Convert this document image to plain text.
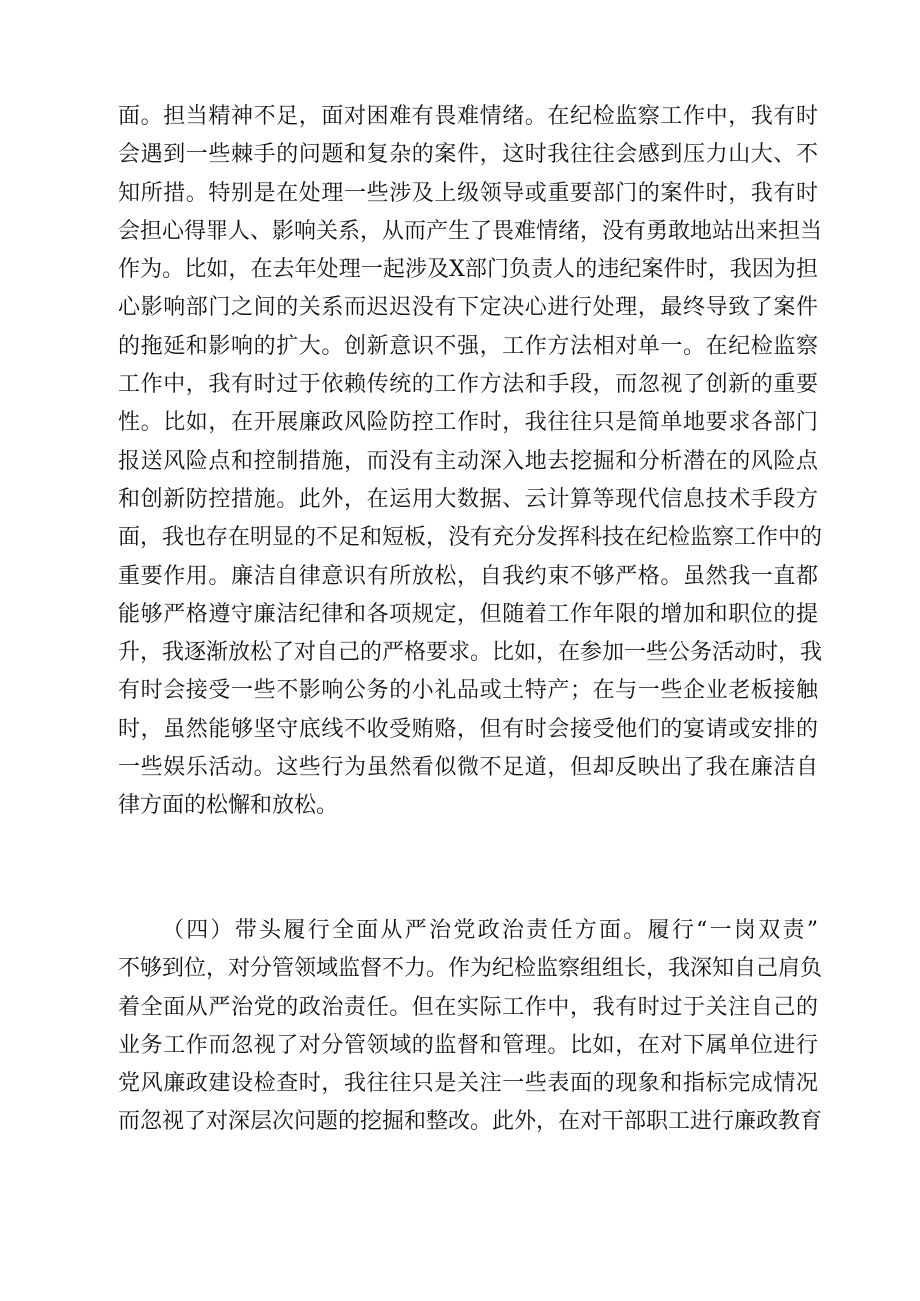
面。担当精神不足，面对困难有畏难情绪。在纪检监察工作中，我有时
会遇到一些棘手的问题和复杂的案件，这时我往往会感到压力山大、不
知所措。特别是在处理一些涉及上级领导或重要部门的案件时，我有时
会担心得罪人、影响关系，从而产生了畏难情绪，没有勇敢地站出来担当
作为。比如，在去年处理一起涉及X部门负责人的违纪案件时，我因为担
心影响部门之间的关系而迟迟没有下定决心进行处理，最终导致了案件
的拖延和影响的扩大。创新意识不强，工作方法相对单一。在纪检监察
工作中，我有时过于依赖传统的工作方法和手段，而忽视了创新的重要
性。比如，在开展廉政风险防控工作时，我往往只是简单地要求各部门
报送风险点和控制措施，而没有主动深入地去挖掘和分析潜在的风险点
和创新防控措施。此外，在运用大数据、云计算等现代信息技术手段方
面，我也存在明显的不足和短板，没有充分发挥科技在纪检监察工作中的
重要作用。廉洁自律意识有所放松，自我约束不够严格。虽然我一直都
能够严格遵守廉洁纪律和各项规定，但随着工作年限的增加和职位的提
升，我逐渐放松了对自己的严格要求。比如，在参加一些公务活动时，我
有时会接受一些不影响公务的小礼品或土特产；在与一些企业老板接触
时，虽然能够坚守底线不收受贿赂，但有时会接受他们的宴请或安排的
一些娱乐活动。这些行为虽然看似微不足道，但却反映出了我在廉洁自
律方面的松懈和放松。
（四）带头履行全面从严治党政治责任方面。履行“一岗双责”
不够到位，对分管领域监督不力。作为纪检监察组组长，我深知自己肩负
着全面从严治党的政治责任。但在实际工作中，我有时过于关注自己的
业务工作而忽视了对分管领域的监督和管理。比如，在对下属单位进行
党风廉政建设检查时，我往往只是关注一些表面的现象和指标完成情况
而忽视了对深层次问题的挖掘和整改。此外，在对干部职工进行廉政教育
